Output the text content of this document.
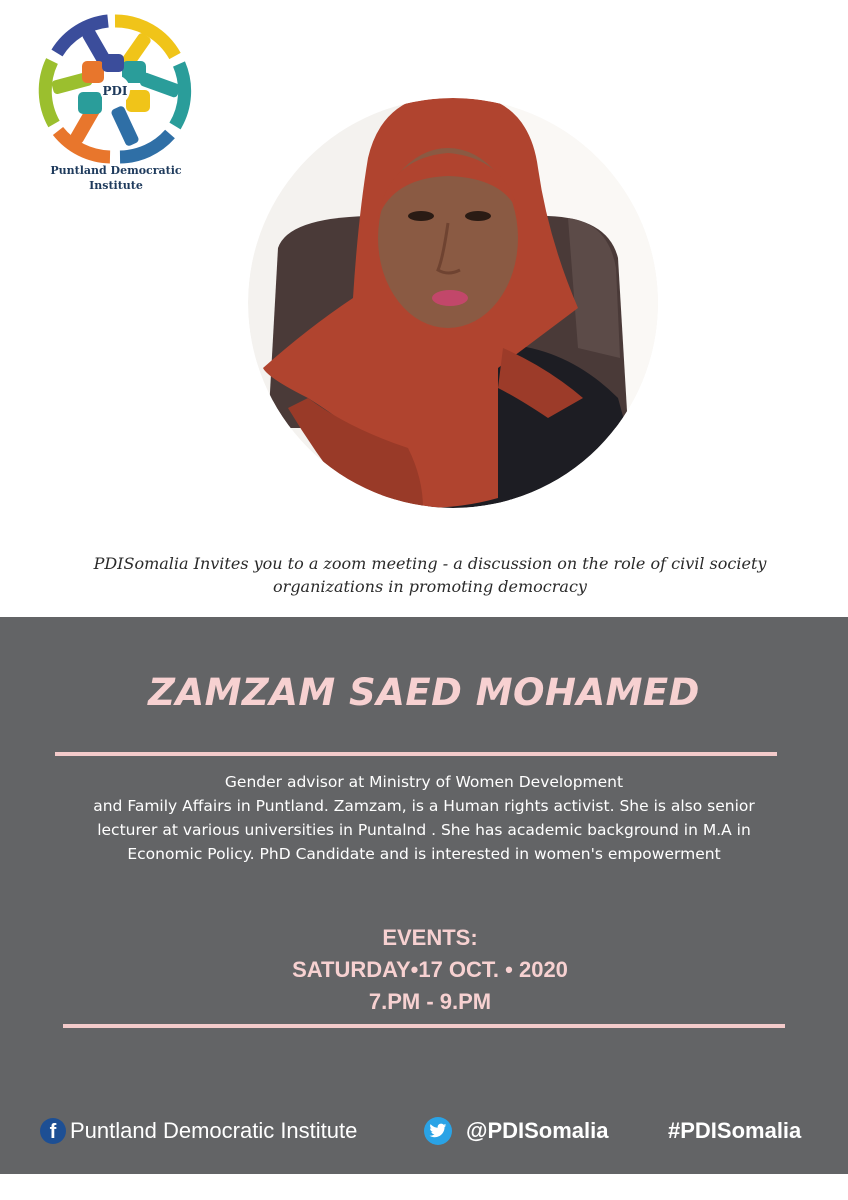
PDI
Puntland Democratic
Institute
PDISomalia Invites you to a zoom meeting - a discussion on the role of civil society
organizations in promoting democracy
ZAMZAM SAED MOHAMED
Gender advisor at Ministry of Women Development
and Family Affairs in Puntland. Zamzam, is a Human rights activist. She is also senior
lecturer at various universities in Puntalnd . She has academic background in M.A in
Economic Policy. PhD Candidate and is interested in women's empowerment
EVENTS:
SATURDAY•17 OCT. • 2020
7.PM - 9.PM
f Puntland Democratic Institute	@PDISomalia	#PDISomalia
